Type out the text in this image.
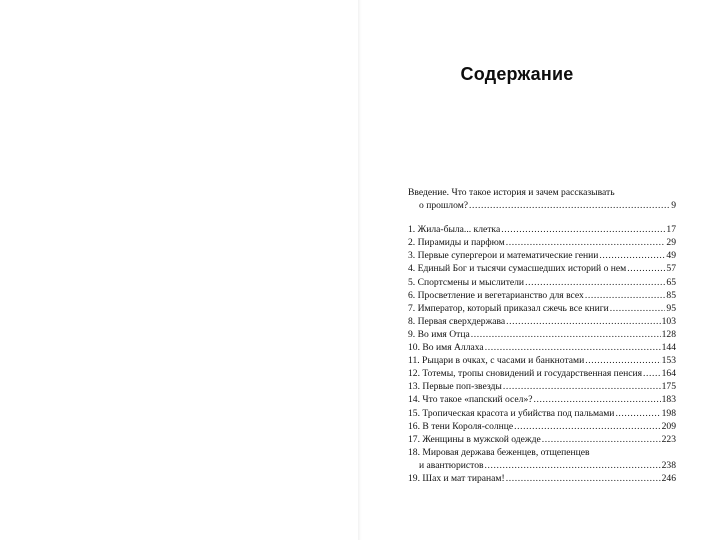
Содержание
Введение. Что такое история и зачем рассказывать
о прошлом? .....	9
1. Жила-была... клетка .....	17
2. Пирамиды и парфюм .....	29
3. Первые супергерои и математические гении .....	49
4. Единый Бог и тысячи сумасшедших историй о нем .....	57
5. Спортсмены и мыслители .....	65
6. Просветление и вегетарианство для всех .....	85
7. Император, который приказал сжечь все книги .....	95
8. Первая сверхдержава .....	103
9. Во имя Отца .....	128
10. Во имя Аллаха .....	144
11. Рыцари в очках, с часами и банкнотами .....	153
12. Тотемы, тропы сновидений и государственная пенсия ..... 164
13. Первые поп-звезды .....	175
14. Что такое «папский осел»? .....	183
15. Тропическая красота и убийства под пальмами .....	198
16. В тени Короля-солнце .....	209
17. Женщины в мужской одежде .....	223
18. Мировая держава беженцев, отщепенцев
и авантюристов .....	238
19. Шах и мат тиранам! .....	246
